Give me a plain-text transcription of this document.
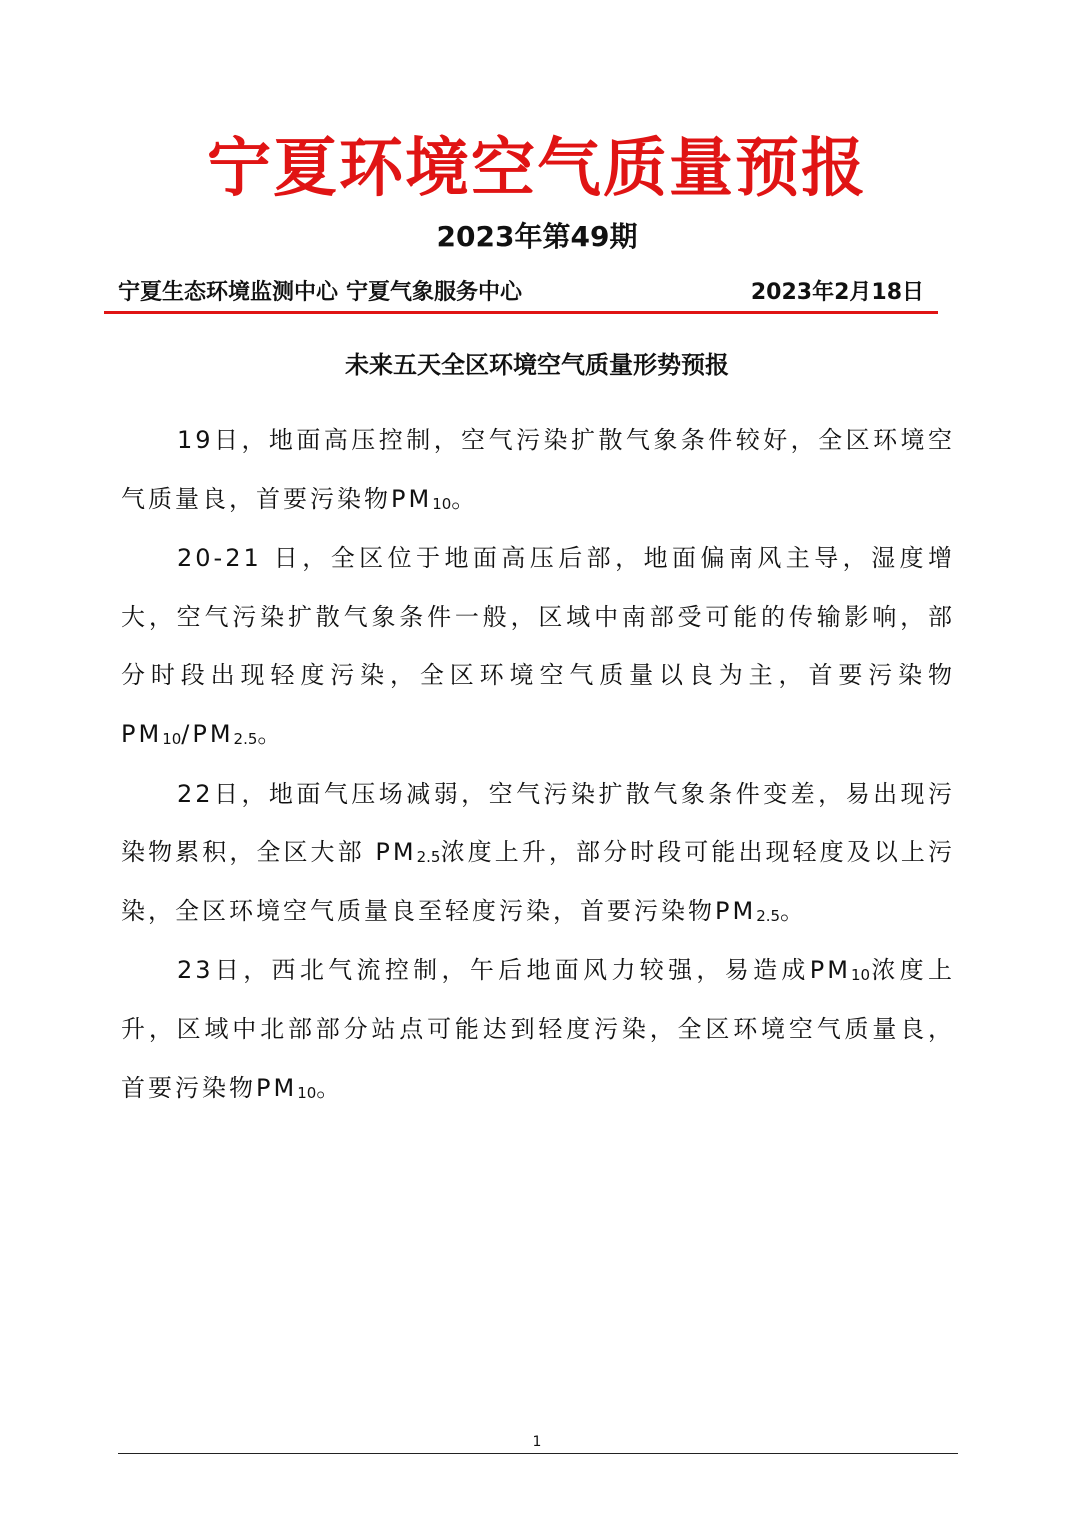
宁夏环境空气质量预报
2023年第49期
宁夏生态环境监测中心 宁夏气象服务中心	2023年2月18日
未来五天全区环境空气质量形势预报

19日，地面高压控制，空气污染扩散气象条件较好，全区环境空气质量良，首要污染物$PM_{10}$。

20-21 日，全区位于地面高压后部，地面偏南风主导，湿度增大，空气污染扩散气象条件一般，区域中南部受可能的传输影响，部分时段出现轻度污染，全区环境空气质量以良为主，首要污染物$PM_{10}/PM_{2.5}$。

22日，地面气压场减弱，空气污染扩散气象条件变差，易出现污染物累积，全区大部 $PM_{2.5}$浓度上升，部分时段可能出现轻度及以上污染，全区环境空气质量良至轻度污染，首要污染物$PM_{2.5}$。

23日，西北气流控制，午后地面风力较强，易造成$PM_{10}$浓度上升，区域中北部部分站点可能达到轻度污染，全区环境空气质量良，首要污染物$PM_{10}$。

1
